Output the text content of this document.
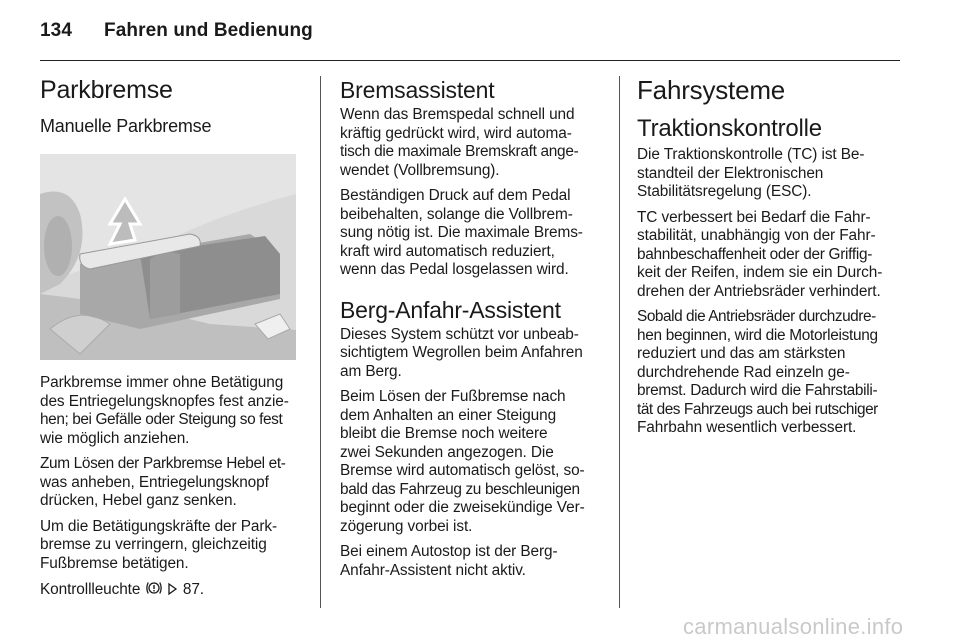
134 Fahren und Bedienung
Parkbremse
Manuelle Parkbremse

Parkbremse immer ohne Betätigung
des Entriegelungsknopfes fest anzie-
hen; bei Gefälle oder Steigung so fest
wie möglich anziehen.

Zum Lösen der Parkbremse Hebel et-
was anheben, Entriegelungsknopf
drücken, Hebel ganz senken.

Um die Betätigungskräfte der Park-
bremse zu verringern, gleichzeitig
Fußbremse betätigen.

Kontrollleuchte	87.

Bremsassistent

Wenn das Bremspedal schnell und
kräftig gedrückt wird, wird automa-
tisch die maximale Bremskraft ange-
wendet (Vollbremsung).

Beständigen Druck auf dem Pedal
beibehalten, solange die Vollbrem-
sung nötig ist. Die maximale Brems-
kraft wird automatisch reduziert,
wenn das Pedal losgelassen wird.

Berg-Anfahr-Assistent

Dieses System schützt vor unbeab-
sichtigtem Wegrollen beim Anfahren
am Berg.

Beim Lösen der Fußbremse nach
dem Anhalten an einer Steigung
bleibt die Bremse noch weitere
zwei Sekunden angezogen. Die
Bremse wird automatisch gelöst, so-
bald das Fahrzeug zu beschleunigen
beginnt oder die zweisekündige Ver-
zögerung vorbei ist.

Bei einem Autostop ist der Berg-
Anfahr-Assistent nicht aktiv.

Fahrsysteme
Traktionskontrolle

Die Traktionskontrolle (TC) ist Be-
standteil der Elektronischen
Stabilitätsregelung (ESC).

TC verbessert bei Bedarf die Fahr-
stabilität, unabhängig von der Fahr-
bahnbeschaffenheit oder der Griffig-
keit der Reifen, indem sie ein Durch-
drehen der Antriebsräder verhindert.

Sobald die Antriebsräder durchzudre-
hen beginnen, wird die Motorleistung
reduziert und das am stärksten
durchdrehende Rad einzeln ge-
bremst. Dadurch wird die Fahrstabili-
tät des Fahrzeugs auch bei rutschiger
Fahrbahn wesentlich verbessert.

carmanualsonline.info
